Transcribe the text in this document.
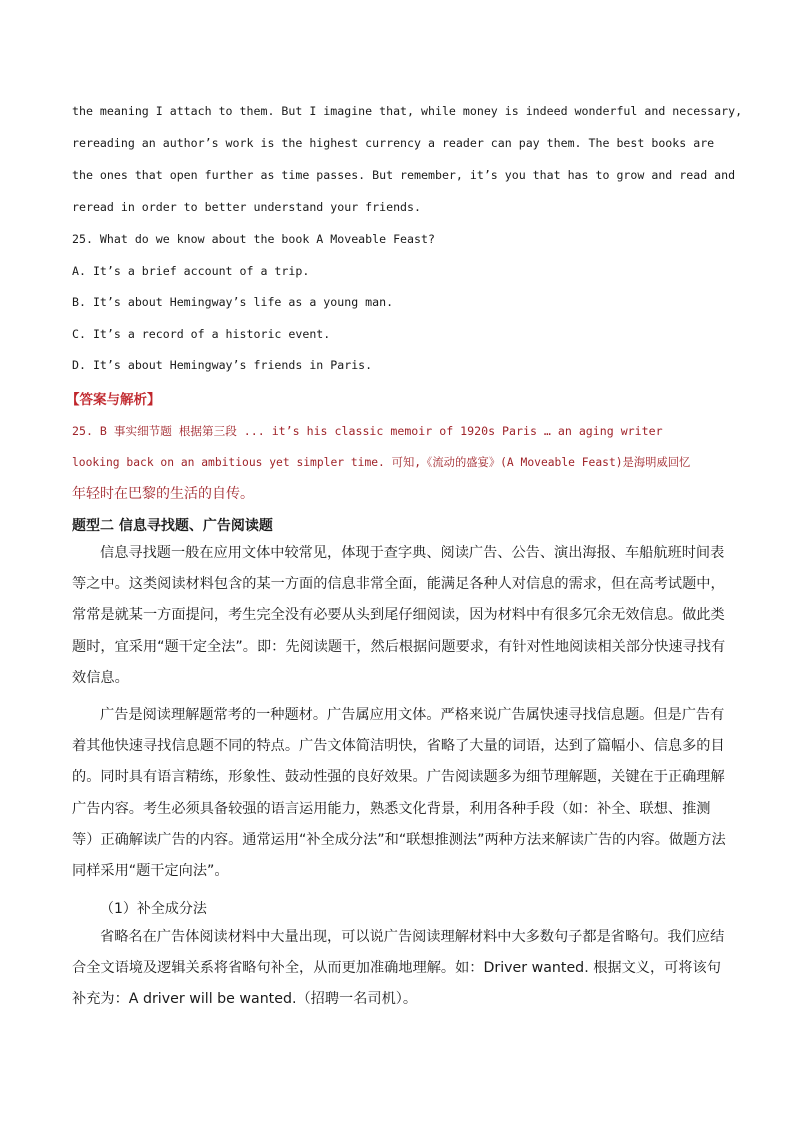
the meaning I attach to them. But I imagine that, while money is indeed wonderful and necessary,
rereading an author’s work is the highest currency a reader can pay them. The best books are
the ones that open further as time passes. But remember, it’s you that has to grow and read and
reread in order to better understand your friends.
25. What do we know about the book A Moveable Feast?
A. It’s a brief account of a trip.
B. It’s about Hemingway’s life as a young man.
C. It’s a record of a historic event.
D. It’s about Hemingway’s friends in Paris.
【答案与解析】
25. B 事实细节题 根据第三段 ... it’s his classic memoir of 1920s Paris … an aging writer
looking back on an ambitious yet simpler time. 可知,《流动的盛宴》(A Moveable Feast)是海明威回忆
年轻时在巴黎的生活的自传。
题型二 信息寻找题、广告阅读题
信息寻找题一般在应用文体中较常见，体现于查字典、阅读广告、公告、演出海报、车船航班时间表等之中。这类阅读材料包含的某一方面的信息非常全面，能满足各种人对信息的需求，但在高考试题中，常常是就某一方面提问，考生完全没有必要从头到尾仔细阅读，因为材料中有很多冗余无效信息。做此类题时，宜采用“题干定全法”。即：先阅读题干，然后根据问题要求，有针对性地阅读相关部分快速寻找有效信息。
广告是阅读理解题常考的一种题材。广告属应用文体。严格来说广告属快速寻找信息题。但是广告有着其他快速寻找信息题不同的特点。广告文体简洁明快，省略了大量的词语，达到了篇幅小、信息多的目的。同时具有语言精练，形象性、鼓动性强的良好效果。广告阅读题多为细节理解题，关键在于正确理解广告内容。考生必须具备较强的语言运用能力，熟悉文化背景，利用各种手段（如：补全、联想、推测等）正确解读广告的内容。通常运用“补全成分法”和“联想推测法”两种方法来解读广告的内容。做题方法同样采用“题干定向法”。
（1）补全成分法
省略名在广告体阅读材料中大量出现，可以说广告阅读理解材料中大多数句子都是省略句。我们应结合全文语境及逻辑关系将省略句补全，从而更加准确地理解。如：Driver wanted. 根据文义，可将该句补充为：A driver will be wanted.（招聘一名司机）。
